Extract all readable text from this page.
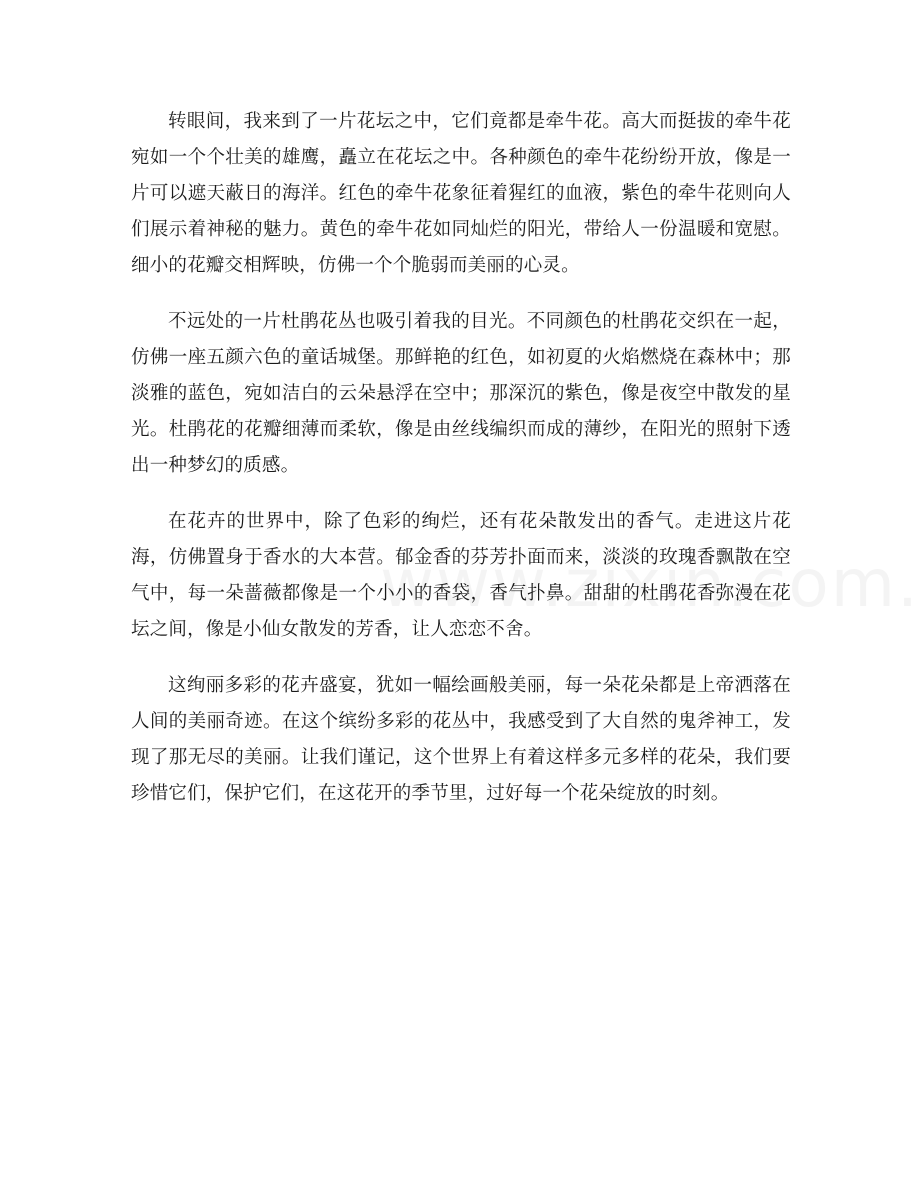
转眼间，我来到了一片花坛之中，它们竟都是牵牛花。高大而挺拔的牵牛花宛如一个个壮美的雄鹰，矗立在花坛之中。各种颜色的牵牛花纷纷开放，像是一片可以遮天蔽日的海洋。红色的牵牛花象征着猩红的血液，紫色的牵牛花则向人们展示着神秘的魅力。黄色的牵牛花如同灿烂的阳光，带给人一份温暖和宽慰。细小的花瓣交相辉映，仿佛一个个脆弱而美丽的心灵。

不远处的一片杜鹃花丛也吸引着我的目光。不同颜色的杜鹃花交织在一起，仿佛一座五颜六色的童话城堡。那鲜艳的红色，如初夏的火焰燃烧在森林中；那淡雅的蓝色，宛如洁白的云朵悬浮在空中；那深沉的紫色，像是夜空中散发的星光。杜鹃花的花瓣细薄而柔软，像是由丝线编织而成的薄纱，在阳光的照射下透出一种梦幻的质感。

在花卉的世界中，除了色彩的绚烂，还有花朵散发出的香气。走进这片花海，仿佛置身于香水的大本营。郁金香的芬芳扑面而来，淡淡的玫瑰香飘散在空气中，每一朵蔷薇都像是一个小小的香袋，香气扑鼻。甜甜的杜鹃花香弥漫在花坛之间，像是小仙女散发的芳香，让人恋恋不舍。

这绚丽多彩的花卉盛宴，犹如一幅绘画般美丽，每一朵花朵都是上帝洒落在人间的美丽奇迹。在这个缤纷多彩的花丛中，我感受到了大自然的鬼斧神工，发现了那无尽的美丽。让我们谨记，这个世界上有着这样多元多样的花朵，我们要珍惜它们，保护它们，在这花开的季节里，过好每一个花朵绽放的时刻。
